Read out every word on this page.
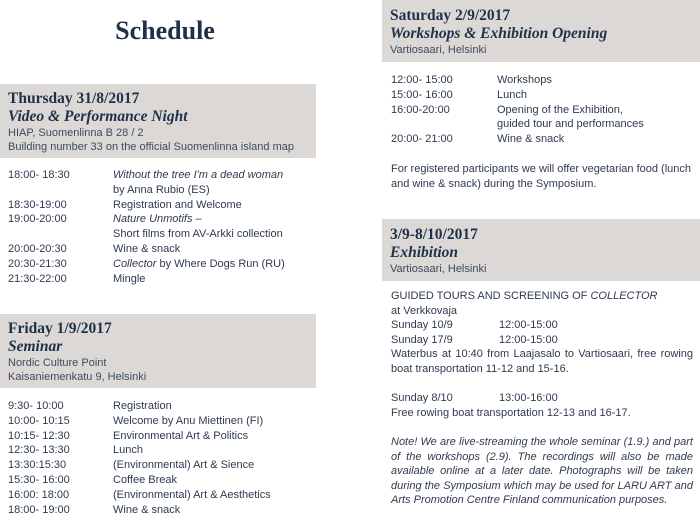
Schedule
Thursday 31/8/2017
Video & Performance Night
HIAP, Suomenlinna B 28 / 2
Building number 33 on the official Suomenlinna island map
18:00- 18:30	Without the tree I'm a dead woman
by Anna Rubio (ES)
18:30-19:00	Registration and Welcome
19:00-20:00	Nature Unmotifs –
Short films from AV-Arkki collection
20:00-20:30	Wine & snack
20:30-21:30	Collector by Where Dogs Run (RU)
21:30-22:00	Mingle
Friday 1/9/2017
Seminar
Nordic Culture Point
Kaisaniemenkatu 9, Helsinki
9:30- 10:00	Registration
10:00- 10:15	Welcome by Anu Miettinen (FI)
10:15- 12:30	Environmental Art & Politics
12:30- 13:30	Lunch
13:30:15:30	(Environmental) Art & Sience
15:30- 16:00	Coffee Break
16:00: 18:00	(Environmental) Art & Aesthetics
18:00- 19:00	Wine & snack
Saturday 2/9/2017
Workshops & Exhibition Opening
Vartiosaari, Helsinki
12:00- 15:00	Workshops
15:00- 16:00	Lunch
16:00-20:00	Opening of the Exhibition,
guided tour and performances
20:00- 21:00	Wine & snack
For registered participants we will offer vegetarian food (lunch and wine & snack) during the Symposium.
3/9-8/10/2017
Exhibition
Vartiosaari, Helsinki
GUIDED TOURS AND SCREENING OF COLLECTOR
at Verkkovaja
Sunday 10/9	12:00-15:00
Sunday 17/9	12:00-15:00
Waterbus at 10:40 from Laajasalo to Vartiosaari, free rowing boat transportation 11-12 and 15-16.
Sunday 8/10	13:00-16:00
Free rowing boat transportation 12-13 and 16-17.
Note! We are live-streaming the whole seminar (1.9.) and part of the workshops (2.9). The recordings will also be made available online at a later date. Photographs will be taken during the Symposium which may be used for LARU ART and Arts Promotion Centre Finland communication purposes.
